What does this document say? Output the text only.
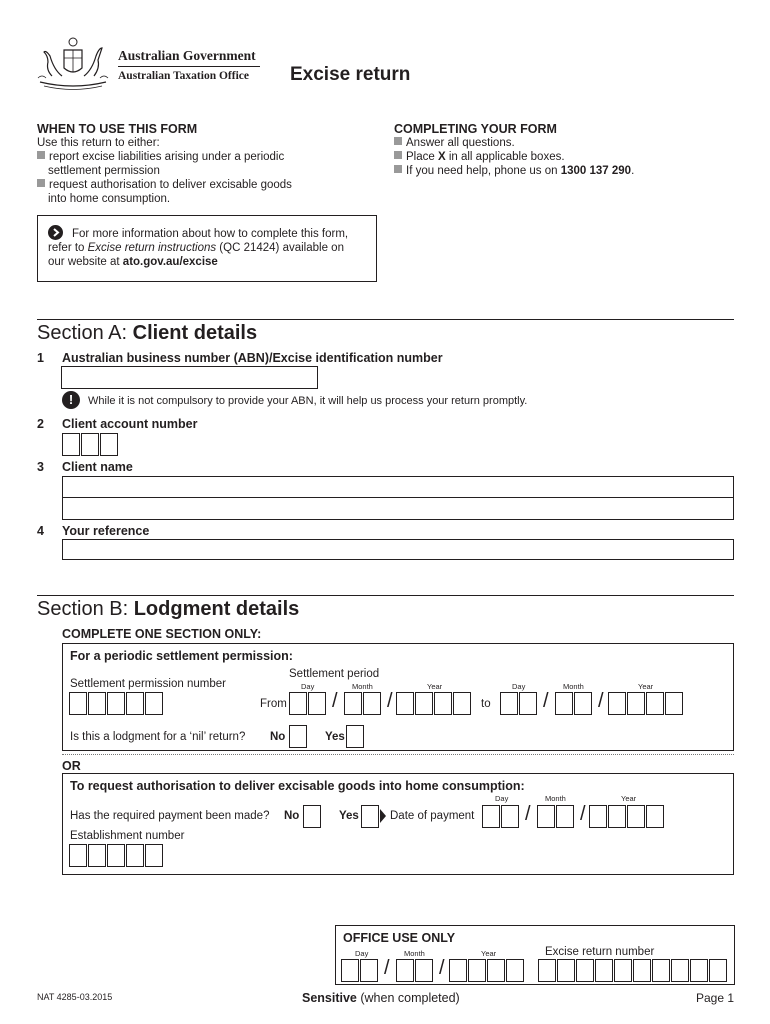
Australian Government
Australian Taxation Office Excise return
WHEN TO USE THIS FORM
Use this return to either:
report excise liabilities arising under a periodic
settlement permission
request authorisation to deliver excisable goods
into home consumption.
COMPLETING YOUR FORM
Answer all questions.
Place X in all applicable boxes.
If you need help, phone us on 1300 137 290.
For more information about how to complete this form,
refer to Excise return instructions (QC 21424) available on
our website at ato.gov.au/excise
Section A: Client details
1 Australian business number (ABN)/Excise identification number
!	While it is not compulsory to provide your ABN, it will help us process your return promptly.
2 Client account number
3 Client name
4 Your reference
Section B: Lodgment details
COMPLETE ONE SECTION ONLY:
For a periodic settlement permission:
Settlement period
Settlement permission number	Day	Month	Year	Day	Month	Year
From / /	to	/ /
Is this a lodgment for a ‘nil’ return? No	Yes
OR
To request authorisation to deliver excisable goods into home consumption:
Day	Month	Year
Has the required payment been made? No	Yes	Date of payment	/ /
Establishment number
OFFICE USE ONLY
Day	Month	Year	Excise return number
/ /
NAT 4285-03.2015	Sensitive (when completed)	Page 1
